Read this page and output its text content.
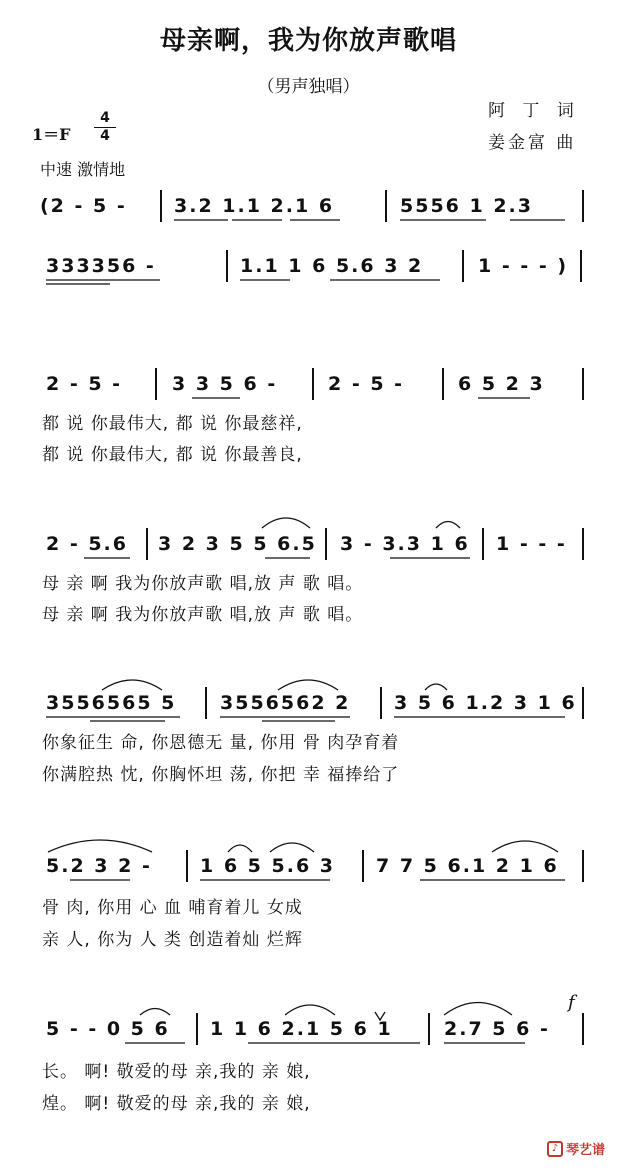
母亲啊，我为你放声歌唱
（男声独唱）
阿 丁 词
姜金富 曲
1＝F
4
4
中速 激情地
(2 - 5 - 3.2 1.1 2.1 6	5556 1 2.3
333356 -	1.1 1 6 5.6 3 2	1 - - - )
2 - 5 -	3 3 5 6 -	2 - 5 -	6 5 2 3
都 说 你最伟大, 都 说 你最慈祥,
都 说 你最伟大, 都 说 你最善良,
2 - 5.6 3 2 3 5 5 6.5 3 - 3.3 1 6 1 - - -
母 亲 啊 我为你放声歌 唱,放 声 歌 唱。
母 亲 啊 我为你放声歌 唱,放 声 歌 唱。
3556565 5 3556562 2 3 5 6 1.2 3 1 6
你象征生 命, 你恩德无 量, 你用 骨 肉孕育着
你满腔热 忱, 你胸怀坦 荡, 你把 幸 福捧给了
5.2 3 2 -	1 6 5 5.6 3 7 7 5 6.1 2 1 6
骨 肉, 你用 心 血 哺育着儿 女成
亲 人, 你为 人 类 创造着灿 烂辉
5 - - 0 5 6 1 1 6 2.1 5 6 1	2.7 5 6 -
f
长。 啊! 敬爱的母 亲,我的 亲 娘,
煌。 啊! 敬爱的母 亲,我的 亲 娘,
♪ 琴艺谱
